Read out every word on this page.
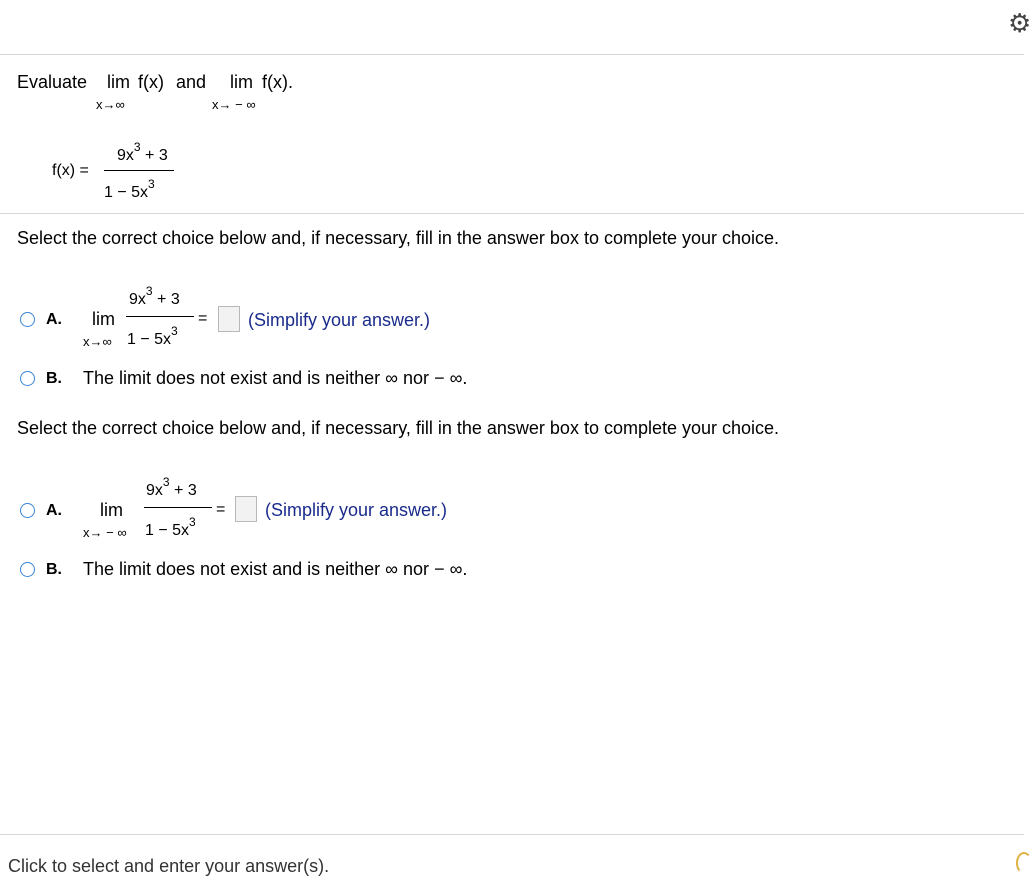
⚙
Evaluate lim f(x) and
x→∞
lim f(x).
x→ − ∞
f(x) =
$9x^3 + 3$
$1 - 5x^3$
Select the correct choice below and, if necessary, fill in the answer box to complete your choice.
A. lim
x→∞
$9x^3 + 3$
$1 - 5x^3$
= (Simplify your answer.)
B. The limit does not exist and is neither ∞ nor − ∞.
Select the correct choice below and, if necessary, fill in the answer box to complete your choice.
A. lim
x→ − ∞
$9x^3 + 3$
$1 - 5x^3$
= (Simplify your answer.)
B. The limit does not exist and is neither ∞ nor − ∞.
Click to select and enter your answer(s).
